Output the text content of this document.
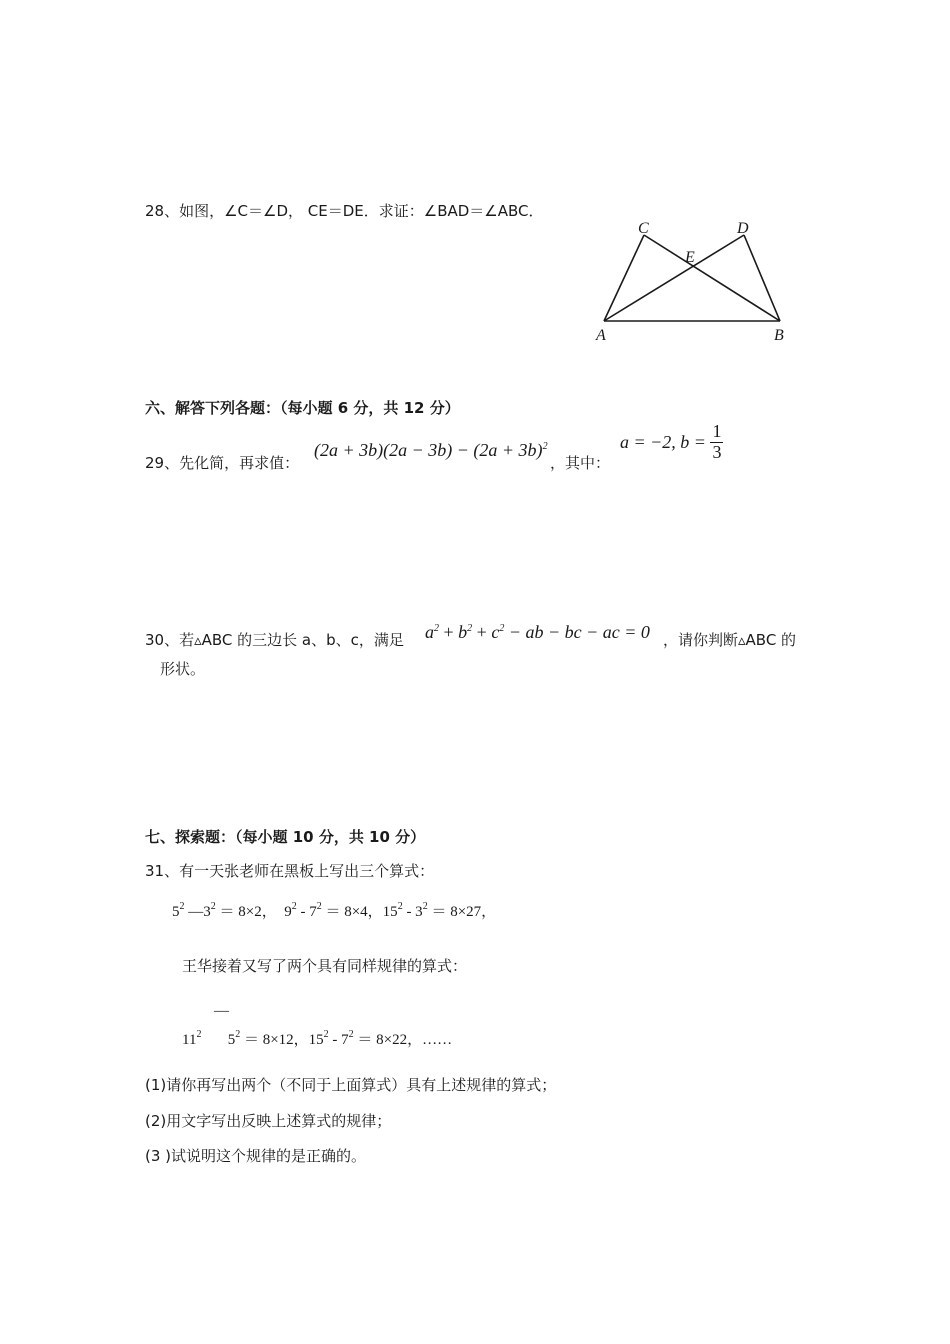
28、如图，∠C＝∠D， CE＝DE．求证：∠BAD＝∠ABC．
C	D
E
A	B
六、解答下列各题：（每小题 6 分，共 12 分）
29、先化简，再求值：
$(2a + 3b)(2a - 3b) - (2a + 3b)^2$
，其中：
a = −2, $b = \frac{1}{3}$
30、若▵ABC 的三边长 a、b、c，满足 $a^2 + b^2 + c^2$ − ab − bc − ac = 0 ，请你判断▵ABC 的
形状。
七、探索题：（每小题 10 分，共 10 分）
31、有一天张老师在黑板上写出三个算式：
$5^2$ $—3^2 = 8\times 2$， $9^2 - 7^2 = 8\times 4$，$15^2 - 3^2 = 8\times 27$，
王华接着又写了两个具有同样规律的算式：
—
$11^2$ $5^2 = 8\times 12$，$15^2 - 7^2 = 8\times 22$，……
(1)请你再写出两个（不同于上面算式）具有上述规律的算式；
(2)用文字写出反映上述算式的规律；
(3 )试说明这个规律的是正确的。
